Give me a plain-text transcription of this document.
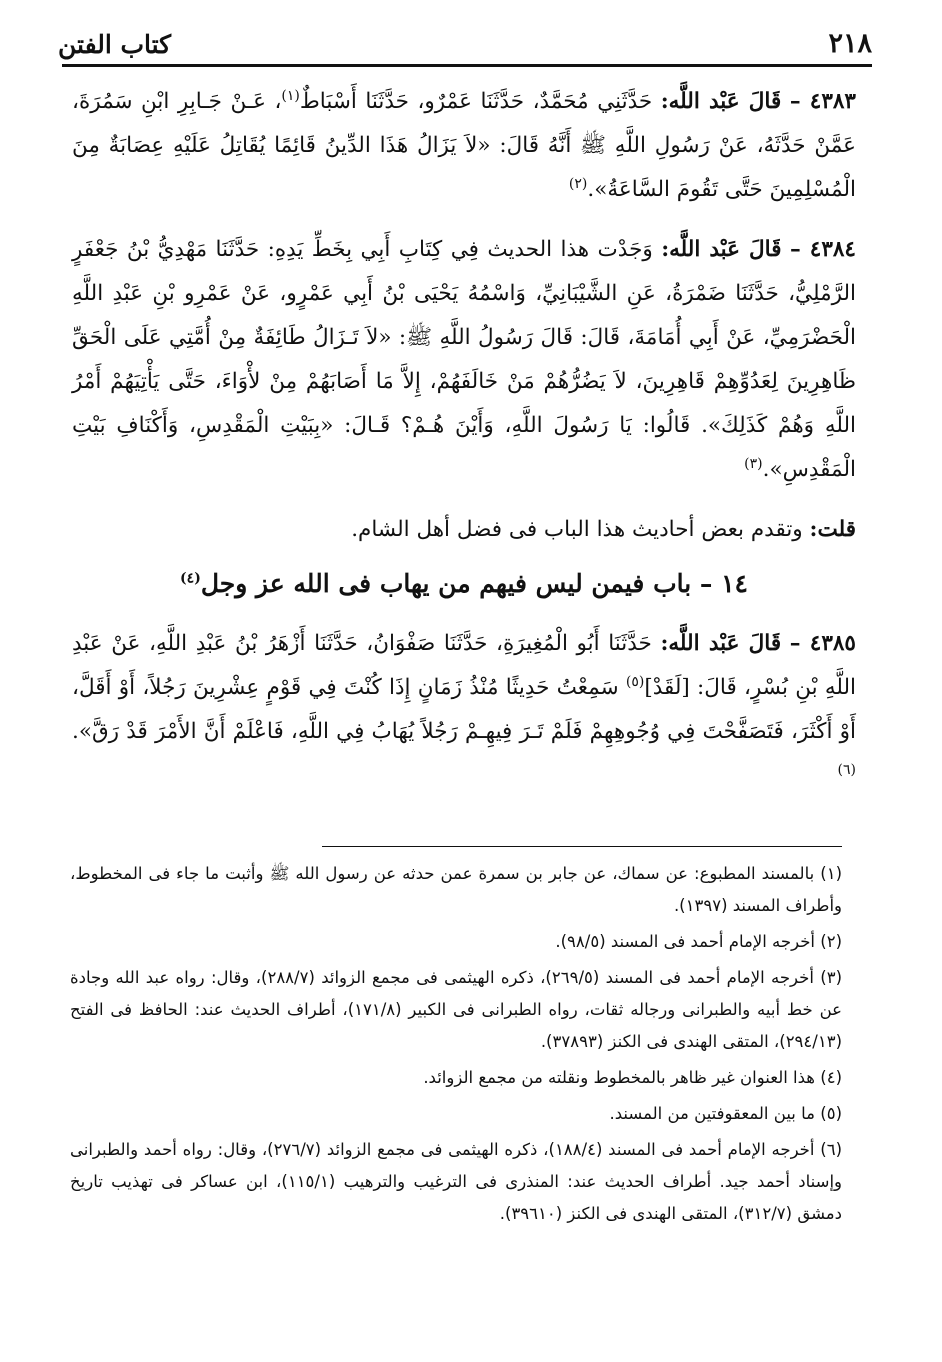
٢١٨
كتاب الفتن

٤٣٨٣ – قَالَ عَبْد اللَّه: حَدَّثَنِي مُحَمَّدٌ، حَدَّثَنَا عَمْرٌو، حَدَّثَنَا أَسْبَاطٌ$^{(١)}$، عَـنْ جَـابِرِ ابْنِ سَمُرَةَ، عَمَّنْ حَدَّثَهُ، عَنْ رَسُولِ اللَّهِ ﷺ أَنَّهُ قَالَ: «لاَ يَزَالُ هَذَا الدِّينُ قَائِمًا يُقَاتِلُ عَلَيْهِ عِصَابَةٌ مِنَ الْمُسْلِمِينَ حَتَّى تَقُومَ السَّاعَةُ».$^{(٢)}$

٤٣٨٤ – قَالَ عَبْد اللَّه: وَجَدْت هذا الحديث فِي كِتَابِ أَبِي بِخَطِّ يَدِهِ: حَدَّثَنَا مَهْدِيُّ بْنُ جَعْفَرٍ الرَّمْلِيُّ، حَدَّثَنَا ضَمْرَةُ، عَنِ الشَّيْبَانِيِّ، وَاسْمُهُ يَحْيَى بْنُ أَبِي عَمْرٍو، عَنْ عَمْرِو بْنِ عَبْدِ اللَّهِ الْحَضْرَمِيِّ، عَنْ أَبِي أُمَامَةَ، قَالَ: قَالَ رَسُولُ اللَّهِ ﷺ: «لاَ تَـزَالُ طَائِفَةٌ مِنْ أُمَّتِي عَلَى الْحَقِّ ظَاهِرِينَ لِعَدُوِّهِمْ قَاهِرِينَ، لاَ يَضُرُّهُمْ مَنْ خَالَفَهُمْ، إِلاَّ مَا أَصَابَهُمْ مِنْ لأْوَاءَ، حَتَّى يَأْتِيَهُمْ أَمْرُ اللَّهِ وَهُمْ كَذَلِكَ». قَالُوا: يَا رَسُولَ اللَّهِ، وَأَيْنَ هُـمْ؟ قَـالَ: «بِبَيْتِ الْمَقْدِسِ، وَأَكْنَافِ بَيْتِ الْمَقْدِسِ».$^{(٣)}$

قلت: وتقدم بعض أحاديث هذا الباب فى فضل أهل الشام.

١٤ – باب فيمن ليس فيهم من يهاب فى الله عز وجل$^{(٤)}$

٤٣٨٥ – قَالَ عَبْد اللَّه: حَدَّثَنَا أَبُو الْمُغِيرَةِ، حَدَّثَنَا صَفْوَانُ، حَدَّثَنَا أَزْهَرُ بْنُ عَبْدِ اللَّهِ، عَنْ عَبْدِ اللَّهِ بْنِ بُسْرٍ، قَالَ: [لَقَدْ]$^{(٥)}$ سَمِعْتُ حَدِيثًا مُنْذُ زَمَانٍ إِذَا كُنْتَ فِي قَوْمٍ عِشْرِينَ رَجُلاً، أَوْ أَقَلَّ، أَوْ أَكْثَرَ، فَتَصَفَّحْتَ فِي وُجُوهِهِمْ فَلَمْ تَـرَ فِيهِـمْ رَجُلاً يُهَابُ فِي اللَّهِ، فَاعْلَمْ أَنَّ الأَمْرَ قَدْ رَقَّ».$^{(٦)}$

(١) بالمسند المطبوع: عن سماك، عن جابر بن سمرة عمن حدثه عن رسول الله ﷺ وأثبت ما جاء فى المخطوط، وأطراف المسند (١٣٩٧).

(٢) أخرجه الإمام أحمد فى المسند (٩٨/٥).

(٣) أخرجه الإمام أحمد فى المسند (٢٦٩/٥)، ذكره الهيثمى فى مجمع الزوائد (٢٨٨/٧)، وقال: رواه عبد الله وجادة عن خط أبيه والطبرانى ورجاله ثقات، رواه الطبرانى فى الكبير (١٧١/٨)، أطراف الحديث عند: الحافظ فى الفتح (٢٩٤/١٣)، المتقى الهندى فى الكنز (٣٧٨٩٣).

(٤) هذا العنوان غير ظاهر بالمخطوط ونقلته من مجمع الزوائد.

(٥) ما بين المعقوفتين من المسند.

(٦) أخرجه الإمام أحمد فى المسند (١٨٨/٤)، ذكره الهيثمى فى مجمع الزوائد (٢٧٦/٧)، وقال: رواه أحمد والطبرانى وإسناد أحمد جيد. أطراف الحديث عند: المنذرى فى الترغيب والترهيب (١١٥/١)، ابن عساكر فى تهذيب تاريخ دمشق (٣١٢/٧)، المتقى الهندى فى الكنز (٣٩٦١٠).
